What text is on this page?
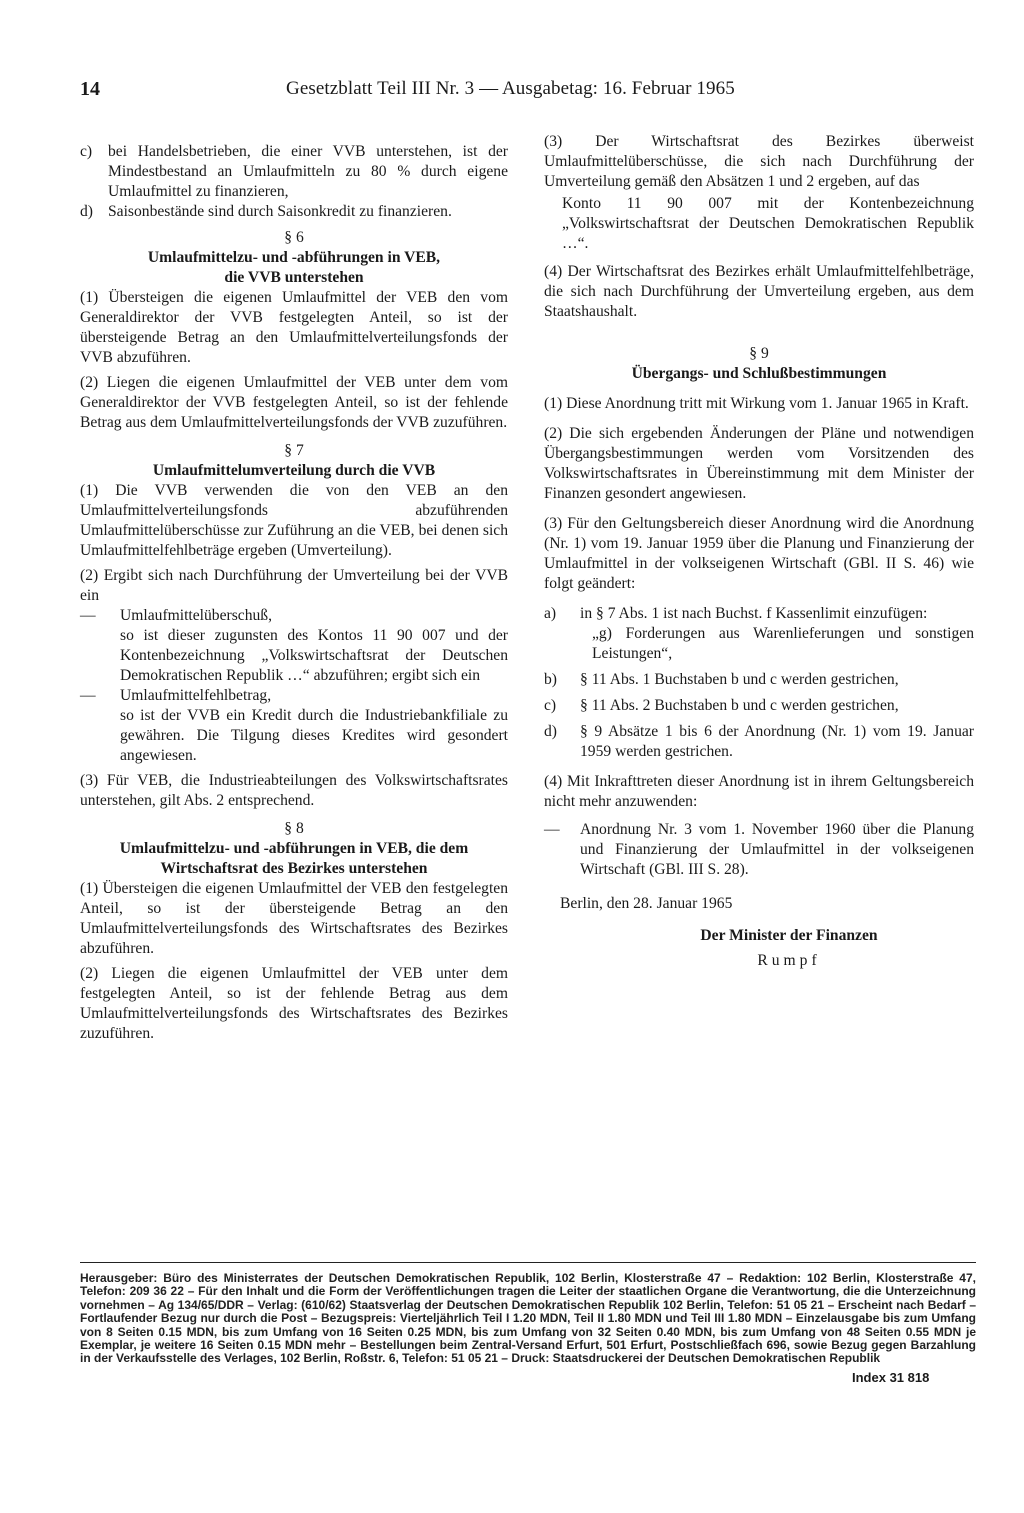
14	Gesetzblatt Teil III Nr. 3 — Ausgabetag: 16. Februar 1965
c)	bei Handelsbetrieben, die einer VVB unterstehen, ist der Mindestbestand an Umlaufmitteln zu 80 % durch eigene Umlaufmittel zu finanzieren,
d) Saisonbestände sind durch Saisonkredit zu finanzieren.

§ 6

Umlaufmittelzu- und -abführungen in VEB,

die VVB unterstehen

(1) Übersteigen die eigenen Umlaufmittel der VEB den vom Generaldirektor der VVB festgelegten Anteil, so ist der übersteigende Betrag an den Umlaufmittelverteilungsfonds der VVB abzuführen.

(2) Liegen die eigenen Umlaufmittel der VEB unter dem vom Generaldirektor der VVB festgelegten Anteil, so ist der fehlende Betrag aus dem Umlaufmittelverteilungsfonds der VVB zuzuführen.

§ 7

Umlaufmittelumverteilung durch die VVB

(1) Die VVB verwenden die von den VEB an den Umlaufmittelverteilungsfonds abzuführenden Umlaufmittelüberschüsse zur Zuführung an die VEB, bei denen sich Umlaufmittelfehlbeträge ergeben (Umverteilung).

(2) Ergibt sich nach Durchführung der Umverteilung bei der VVB ein

—	Umlaufmittelüberschuß,

so ist dieser zugunsten des Kontos 11 90 007 und der Kontenbezeichnung „Volkswirtschaftsrat der Deutschen Demokratischen Republik …“ abzuführen; ergibt sich ein

—	Umlaufmittelfehlbetrag,

so ist der VVB ein Kredit durch die Industriebankfiliale zu gewähren. Die Tilgung dieses Kredites wird gesondert angewiesen.

(3) Für VEB, die Industrieabteilungen des Volkswirtschaftsrates unterstehen, gilt Abs. 2 entsprechend.

§ 8

Umlaufmittelzu- und -abführungen in VEB, die dem

Wirtschaftsrat des Bezirkes unterstehen

(1) Übersteigen die eigenen Umlaufmittel der VEB den festgelegten Anteil, so ist der übersteigende Betrag an den Umlaufmittelverteilungsfonds des Wirtschaftsrates des Bezirkes abzuführen.

(2) Liegen die eigenen Umlaufmittel der VEB unter dem festgelegten Anteil, so ist der fehlende Betrag aus dem Umlaufmittelverteilungsfonds des Wirtschaftsrates des Bezirkes zuzuführen.

(3) Der Wirtschaftsrat des Bezirkes überweist Umlaufmittelüberschüsse, die sich nach Durchführung der Umverteilung gemäß den Absätzen 1 und 2 ergeben, auf das

Konto 11 90 007 mit der Kontenbezeichnung „Volkswirtschaftsrat der Deutschen Demokratischen Republik …“.

(4) Der Wirtschaftsrat des Bezirkes erhält Umlaufmittelfehlbeträge, die sich nach Durchführung der Umverteilung ergeben, aus dem Staatshaushalt.

§ 9

Übergangs- und Schlußbestimmungen

(1) Diese Anordnung tritt mit Wirkung vom 1. Januar 1965 in Kraft.

(2) Die sich ergebenden Änderungen der Pläne und notwendigen Übergangsbestimmungen werden vom Vorsitzenden des Volkswirtschaftsrates in Übereinstimmung mit dem Minister der Finanzen gesondert angewiesen.

(3) Für den Geltungsbereich dieser Anordnung wird die Anordnung (Nr. 1) vom 19. Januar 1959 über die Planung und Finanzierung der Umlaufmittel in der volkseigenen Wirtschaft (GBl. II S. 46) wie folgt geändert:

a)	in § 7 Abs. 1 ist nach Buchst. f Kassenlimit einzufügen:

„g) Forderungen aus Warenlieferungen und sonstigen Leistungen“,

b)	§ 11 Abs. 1 Buchstaben b und c werden gestrichen,
c)	§ 11 Abs. 2 Buchstaben b und c werden gestrichen,
d)	§ 9 Absätze 1 bis 6 der Anordnung (Nr. 1) vom 19. Januar 1959 werden gestrichen.

(4) Mit Inkrafttreten dieser Anordnung ist in ihrem Geltungsbereich nicht mehr anzuwenden:

—	Anordnung Nr. 3 vom 1. November 1960 über die Planung und Finanzierung der Umlaufmittel in der volkseigenen Wirtschaft (GBl. III S. 28).

Berlin, den 28. Januar 1965

Der Minister der Finanzen

Rumpf

Herausgeber: Büro des Ministerrates der Deutschen Demokratischen Republik, 102 Berlin, Klosterstraße 47 – Redaktion: 102 Berlin, Klosterstraße 47, Telefon: 209 36 22 – Für den Inhalt und die Form der Veröffentlichungen tragen die Leiter der staatlichen Organe die Verantwortung, die die Unterzeichnung vornehmen – Ag 134/65/DDR – Verlag: (610/62) Staatsverlag der Deutschen Demokratischen Republik 102 Berlin, Telefon: 51 05 21 – Erscheint nach Bedarf – Fortlaufender Bezug nur durch die Post – Bezugspreis: Vierteljährlich Teil I 1.20 MDN, Teil II 1.80 MDN und Teil III 1.80 MDN – Einzelausgabe bis zum Umfang von 8 Seiten 0.15 MDN, bis zum Umfang von 16 Seiten 0.25 MDN, bis zum Umfang von 32 Seiten 0.40 MDN, bis zum Umfang von 48 Seiten 0.55 MDN je Exemplar, je weitere 16 Seiten 0.15 MDN mehr – Bestellungen beim Zentral-Versand Erfurt, 501 Erfurt, Postschließfach 696, sowie Bezug gegen Barzahlung in der Verkaufsstelle des Verlages, 102 Berlin, Roßstr. 6, Telefon: 51 05 21 – Druck: Staatsdruckerei der Deutschen Demokratischen Republik
Index 31 818
